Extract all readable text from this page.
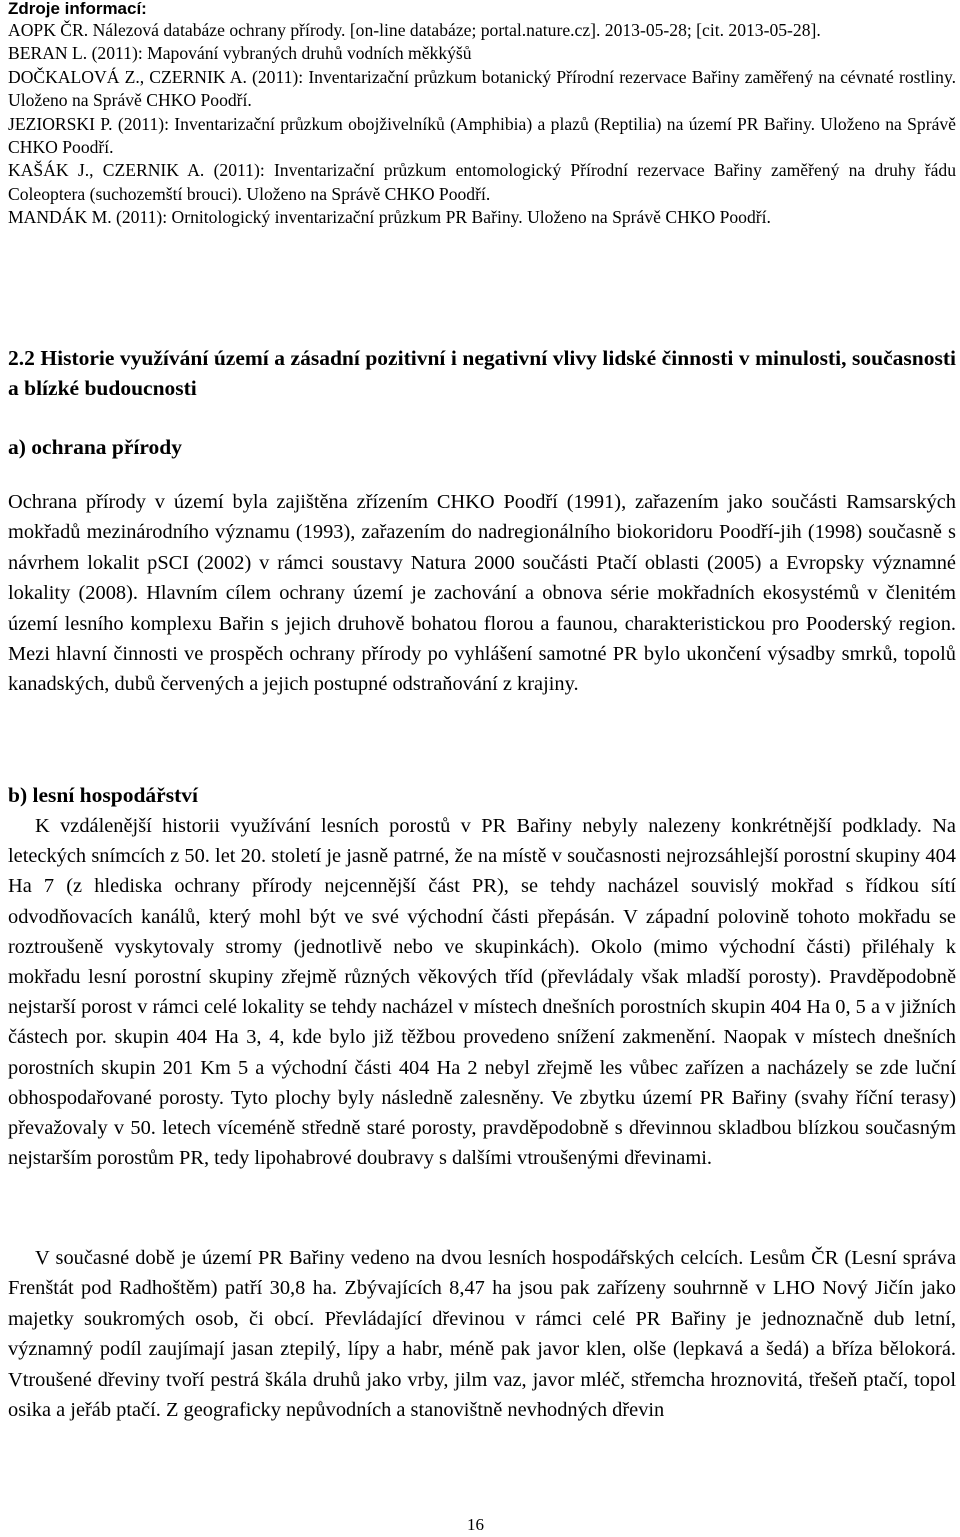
Zdroje informací:

AOPK ČR. Nálezová databáze ochrany přírody. [on-line databáze; portal.nature.cz]. 2013-05-28; [cit. 2013-05-28].

BERAN L. (2011): Mapování vybraných druhů vodních měkkýšů

DOČKALOVÁ Z., CZERNIK A. (2011): Inventarizační průzkum botanický Přírodní rezervace Bařiny zaměřený na cévnaté rostliny. Uloženo na Správě CHKO Poodří.

JEZIORSKI P. (2011): Inventarizační průzkum obojživelníků (Amphibia) a plazů (Reptilia) na území PR Bařiny. Uloženo na Správě CHKO Poodří.

KAŠÁK J., CZERNIK A. (2011): Inventarizační průzkum entomologický Přírodní rezervace Bařiny zaměřený na druhy řádu Coleoptera (suchozemští brouci). Uloženo na Správě CHKO Poodří.

MANDÁK M. (2011): Ornitologický inventarizační průzkum PR Bařiny. Uloženo na Správě CHKO Poodří.

2.2 Historie využívání území a zásadní pozitivní i negativní vlivy lidské činnosti v minulosti, současnosti a blízké budoucnosti
a) ochrana přírody

Ochrana přírody v území byla zajištěna zřízením CHKO Poodří (1991), zařazením jako součásti Ramsarských mokřadů mezinárodního významu (1993), zařazením do nadregionálního biokoridoru Poodří-jih (1998) současně s návrhem lokalit pSCI (2002) v rámci soustavy Natura 2000 součásti Ptačí oblasti (2005) a Evropsky významné lokality (2008). Hlavním cílem ochrany území je zachování a obnova série mokřadních ekosystémů v členitém území lesního komplexu Bařin s jejich druhově bohatou florou a faunou, charakteristickou pro Pooderský region. Mezi hlavní činnosti ve prospěch ochrany přírody po vyhlášení samotné PR bylo ukončení výsadby smrků, topolů kanadských, dubů červených a jejich postupné odstraňování z krajiny.

b) lesní hospodářství

K vzdálenější historii využívání lesních porostů v PR Bařiny nebyly nalezeny konkrétnější podklady. Na leteckých snímcích z 50. let 20. století je jasně patrné, že na místě v současnosti nejrozsáhlejší porostní skupiny 404 Ha 7 (z hlediska ochrany přírody nejcennější část PR), se tehdy nacházel souvislý mokřad s řídkou sítí odvodňovacích kanálů, který mohl být ve své východní části přepásán. V západní polovině tohoto mokřadu se roztroušeně vyskytovaly stromy (jednotlivě nebo ve skupinkách). Okolo (mimo východní části) přiléhaly k mokřadu lesní porostní skupiny zřejmě různých věkových tříd (převládaly však mladší porosty). Pravděpodobně nejstarší porost v rámci celé lokality se tehdy nacházel v místech dnešních porostních skupin 404 Ha 0, 5 a v jižních částech por. skupin 404 Ha 3, 4, kde bylo již těžbou provedeno snížení zakmenění. Naopak v místech dnešních porostních skupin 201 Km 5 a východní části 404 Ha 2 nebyl zřejmě les vůbec zařízen a nacházely se zde luční obhospodařované porosty. Tyto plochy byly následně zalesněny. Ve zbytku území PR Bařiny (svahy říční terasy) převažovaly v 50. letech víceméně středně staré porosty, pravděpodobně s dřevinnou skladbou blízkou současným nejstarším porostům PR, tedy lipohabrové doubravy s dalšími vtroušenými dřevinami.

V současné době je území PR Bařiny vedeno na dvou lesních hospodářských celcích. Lesům ČR (Lesní správa Frenštát pod Radhoštěm) patří 30,8 ha. Zbývajících 8,47 ha jsou pak zařízeny souhrnně v LHO Nový Jičín jako majetky soukromých osob, či obcí. Převládající dřevinou v rámci celé PR Bařiny je jednoznačně dub letní, významný podíl zaujímají jasan ztepilý, lípy a habr, méně pak javor klen, olše (lepkavá a šedá) a bříza bělokorá. Vtroušené dřeviny tvoří pestrá škála druhů jako vrby, jilm vaz, javor mléč, střemcha hroznovitá, třešeň ptačí, topol osika a jeřáb ptačí. Z geograficky nepůvodních a stanovištně nevhodných dřevin

16
